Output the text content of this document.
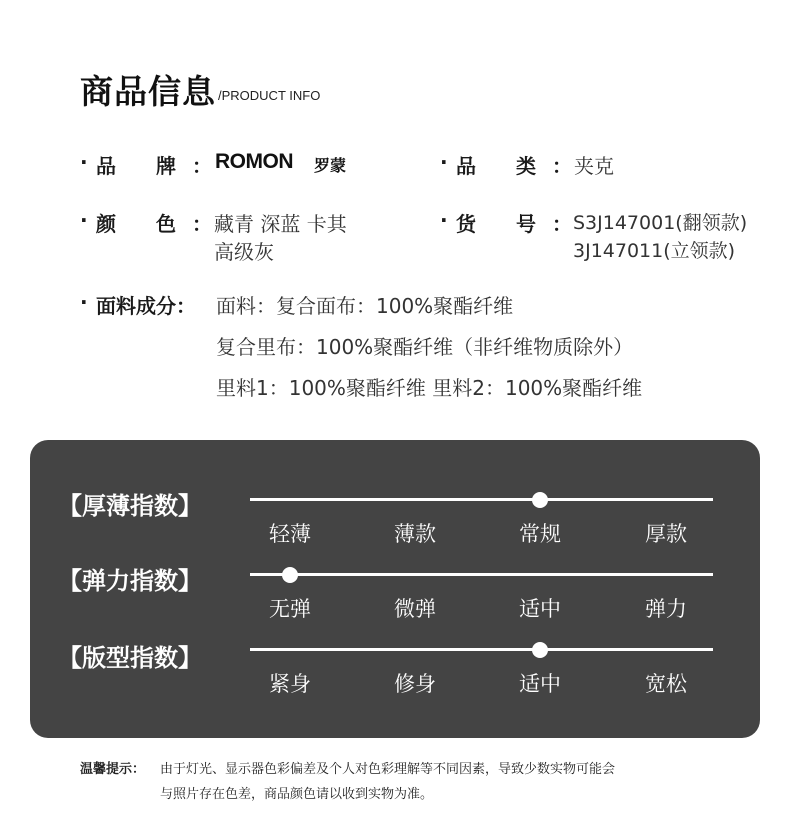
商品信息 /PRODUCT INFO
· 品　　牌 ： ROMON 罗蒙	· 品　　类 ： 夹克
· 颜　　色 ： 藏青 深蓝 卡其
高级灰
· 货　　号 ： S3J147001(翻领款)
3J147011(立领款)
· 面料成分 ： 面料：复合面布：100%聚酯纤维
复合里布：100%聚酯纤维（非纤维物质除外）
里料1：100%聚酯纤维 里料2：100%聚酯纤维
【厚薄指数】
轻薄	薄款	常规	厚款
【弹力指数】
无弹	微弹	适中	弹力
【版型指数】
紧身	修身	适中	宽松
温馨提示： 由于灯光、显示器色彩偏差及个人对色彩理解等不同因素，导致少数实物可能会
与照片存在色差，商品颜色请以收到实物为准。
